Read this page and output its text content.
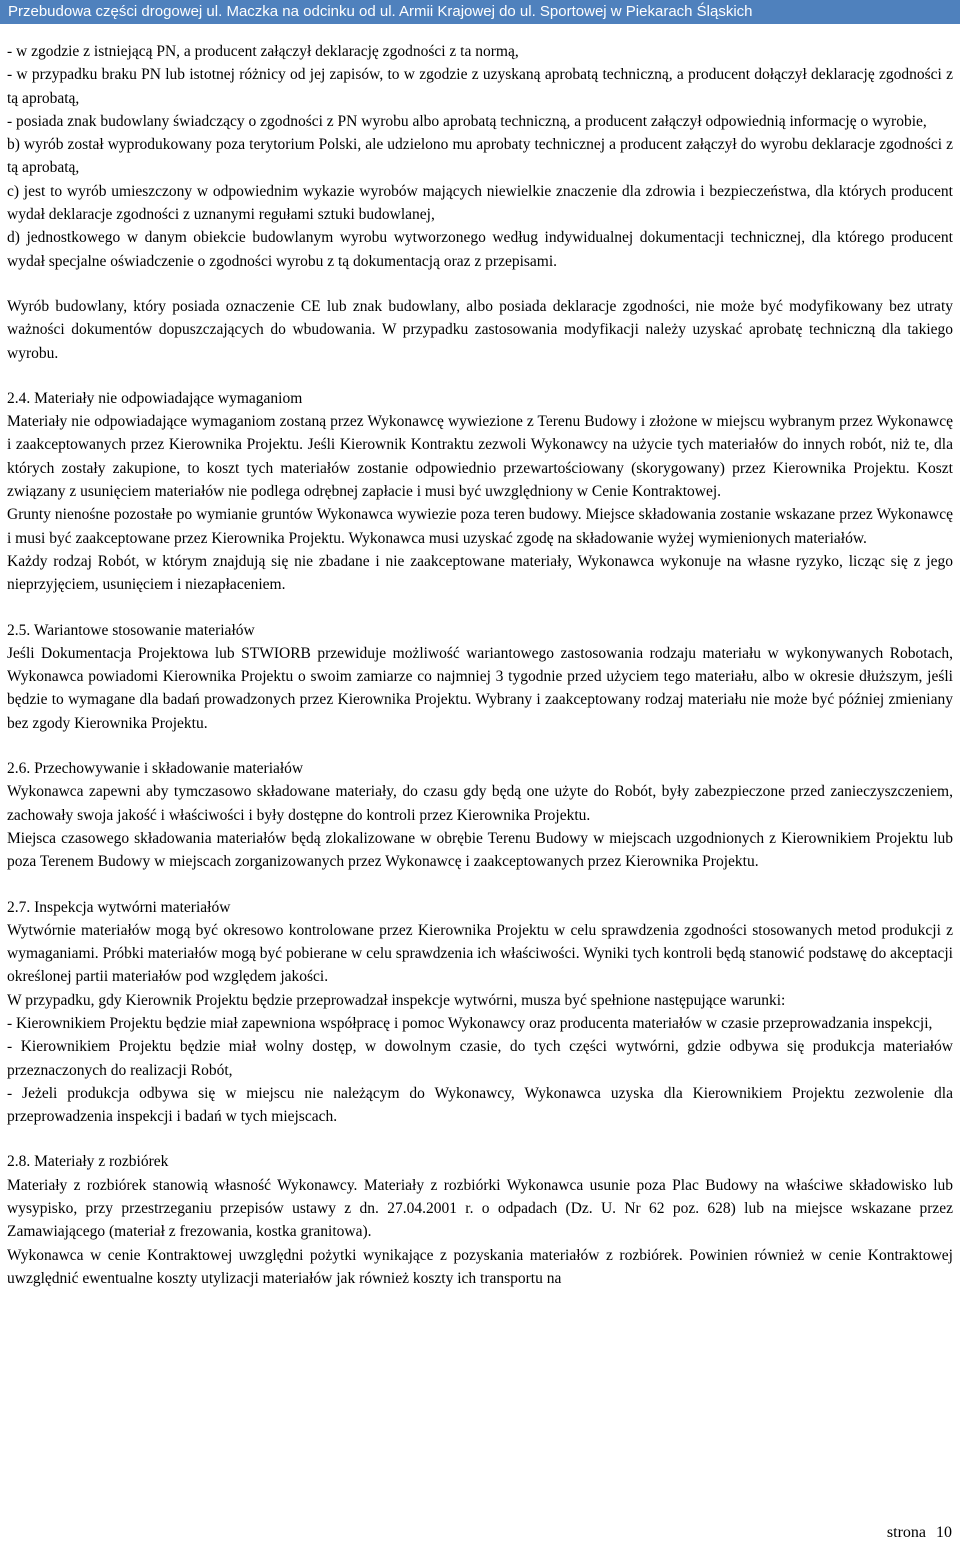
Przebudowa części drogowej ul. Maczka na odcinku od ul. Armii Krajowej do ul. Sportowej w Piekarach Śląskich

- w zgodzie z istniejącą PN, a producent załączył deklarację zgodności z ta normą,

- w przypadku braku PN lub istotnej różnicy od jej zapisów, to w zgodzie z uzyskaną aprobatą techniczną, a producent dołączył deklarację zgodności z tą aprobatą,

- posiada znak budowlany świadczący o zgodności z PN wyrobu albo aprobatą techniczną, a producent załączył odpowiednią informację o wyrobie,

b) wyrób został wyprodukowany poza terytorium Polski, ale udzielono mu aprobaty technicznej a producent załączył do wyrobu deklaracje zgodności z tą aprobatą,

c) jest to wyrób umieszczony w odpowiednim wykazie wyrobów mających niewielkie znaczenie dla zdrowia i bezpieczeństwa, dla których producent wydał deklaracje zgodności z uznanymi regułami sztuki budowlanej,

d) jednostkowego w danym obiekcie budowlanym wyrobu wytworzonego według indywidualnej dokumentacji technicznej, dla którego producent wydał specjalne oświadczenie o zgodności wyrobu z tą dokumentacją oraz z przepisami.

Wyrób budowlany, który posiada oznaczenie CE lub znak budowlany, albo posiada deklaracje zgodności, nie może być modyfikowany bez utraty ważności dokumentów dopuszczających do wbudowania. W przypadku zastosowania modyfikacji należy uzyskać aprobatę techniczną dla takiego wyrobu.

2.4. Materiały nie odpowiadające wymaganiom

Materiały nie odpowiadające wymaganiom zostaną przez Wykonawcę wywiezione z Terenu Budowy i złożone w miejscu wybranym przez Wykonawcę i zaakceptowanych przez Kierownika Projektu. Jeśli Kierownik Kontraktu zezwoli Wykonawcy na użycie tych materiałów do innych robót, niż te, dla których zostały zakupione, to koszt tych materiałów zostanie odpowiednio przewartościowany (skorygowany) przez Kierownika Projektu. Koszt związany z usunięciem materiałów nie podlega odrębnej zapłacie i musi być uwzględniony w Cenie Kontraktowej.

Grunty nienośne pozostałe po wymianie gruntów Wykonawca wywiezie poza teren budowy. Miejsce składowania zostanie wskazane przez Wykonawcę i musi być zaakceptowane przez Kierownika Projektu. Wykonawca musi uzyskać zgodę na składowanie wyżej wymienionych materiałów.

Każdy rodzaj Robót, w którym znajdują się nie zbadane i nie zaakceptowane materiały, Wykonawca wykonuje na własne ryzyko, licząc się z jego nieprzyjęciem, usunięciem i niezapłaceniem.

2.5. Wariantowe stosowanie materiałów

Jeśli Dokumentacja Projektowa lub STWIORB przewiduje możliwość wariantowego zastosowania rodzaju materiału w wykonywanych Robotach, Wykonawca powiadomi Kierownika Projektu o swoim zamiarze co najmniej 3 tygodnie przed użyciem tego materiału, albo w okresie dłuższym, jeśli będzie to wymagane dla badań prowadzonych przez Kierownika Projektu. Wybrany i zaakceptowany rodzaj materiału nie może być później zmieniany bez zgody Kierownika Projektu.

2.6. Przechowywanie i składowanie materiałów

Wykonawca zapewni aby tymczasowo składowane materiały, do czasu gdy będą one użyte do Robót, były zabezpieczone przed zanieczyszczeniem, zachowały swoja jakość i właściwości i były dostępne do kontroli przez Kierownika Projektu.

Miejsca czasowego składowania materiałów będą zlokalizowane w obrębie Terenu Budowy w miejscach uzgodnionych z Kierownikiem Projektu lub poza Terenem Budowy w miejscach zorganizowanych przez Wykonawcę i zaakceptowanych przez Kierownika Projektu.

2.7. Inspekcja wytwórni materiałów

Wytwórnie materiałów mogą być okresowo kontrolowane przez Kierownika Projektu w celu sprawdzenia zgodności stosowanych metod produkcji z wymaganiami. Próbki materiałów mogą być pobierane w celu sprawdzenia ich właściwości. Wyniki tych kontroli będą stanowić podstawę do akceptacji określonej partii materiałów pod względem jakości.

W przypadku, gdy Kierownik Projektu będzie przeprowadzał inspekcje wytwórni, musza być spełnione następujące warunki:

- Kierownikiem Projektu będzie miał zapewniona współpracę i pomoc Wykonawcy oraz producenta materiałów w czasie przeprowadzania inspekcji,

- Kierownikiem Projektu będzie miał wolny dostęp, w dowolnym czasie, do tych części wytwórni, gdzie odbywa się produkcja materiałów przeznaczonych do realizacji Robót,

- Jeżeli produkcja odbywa się w miejscu nie należącym do Wykonawcy, Wykonawca uzyska dla Kierownikiem Projektu zezwolenie dla przeprowadzenia inspekcji i badań w tych miejscach.

2.8. Materiały z rozbiórek

Materiały z rozbiórek stanowią własność Wykonawcy. Materiały z rozbiórki Wykonawca usunie poza Plac Budowy na właściwe składowisko lub wysypisko, przy przestrzeganiu przepisów ustawy z dn. 27.04.2001 r. o odpadach (Dz. U. Nr 62 poz. 628) lub na miejsce wskazane przez Zamawiającego (materiał z frezowania, kostka granitowa).

Wykonawca w cenie Kontraktowej uwzględni pożytki wynikające z pozyskania materiałów z rozbiórek. Powinien również w cenie Kontraktowej uwzględnić ewentualne koszty utylizacji materiałów jak również koszty ich transportu na

strona 10
